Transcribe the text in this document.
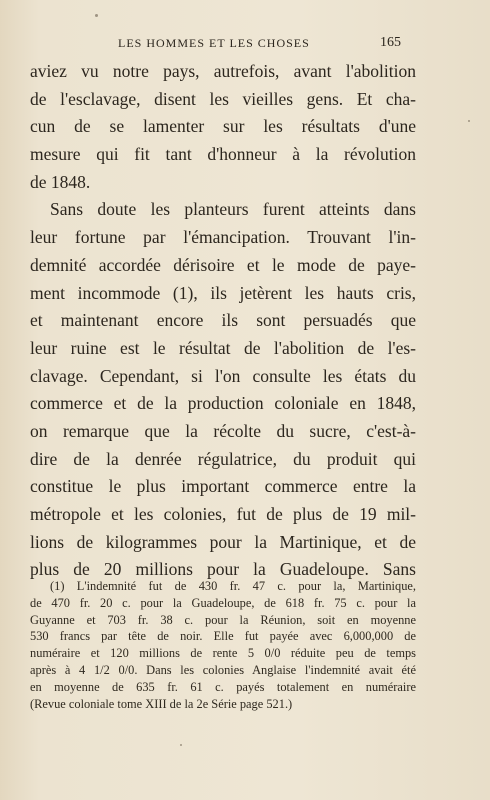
LES HOMMES ET LES CHOSES	165
aviez vu notre pays, autrefois, avant l'abolition
de l'esclavage, disent les vieilles gens. Et cha-
cun de se lamenter sur les résultats d'une
mesure qui fit tant d'honneur à la révolution
de 1848.
Sans doute les planteurs furent atteints dans
leur fortune par l'émancipation. Trouvant l'in-
demnité accordée dérisoire et le mode de paye-
ment incommode (1), ils jetèrent les hauts cris,
et maintenant encore ils sont persuadés que
leur ruine est le résultat de l'abolition de l'es-
clavage. Cependant, si l'on consulte les états du
commerce et de la production coloniale en 1848,
on remarque que la récolte du sucre, c'est-à-
dire de la denrée régulatrice, du produit qui
constitue le plus important commerce entre la
métropole et les colonies, fut de plus de 19 mil-
lions de kilogrammes pour la Martinique, et de
plus de 20 millions pour la Guadeloupe. Sans
(1) L'indemnité fut de 430 fr. 47 c. pour la, Martinique,
de 470 fr. 20 c. pour la Guadeloupe, de 618 fr. 75 c. pour la
Guyanne et 703 fr. 38 c. pour la Réunion, soit en moyenne
530 francs par tête de noir. Elle fut payée avec 6,000,000 de
numéraire et 120 millions de rente 5 0/0 réduite peu de temps
après à 4 1/2 0/0. Dans les colonies Anglaise l'indemnité avait été
en moyenne de 635 fr. 61 c. payés totalement en numéraire
(Revue coloniale tome XIII de la 2e Série page 521.)
